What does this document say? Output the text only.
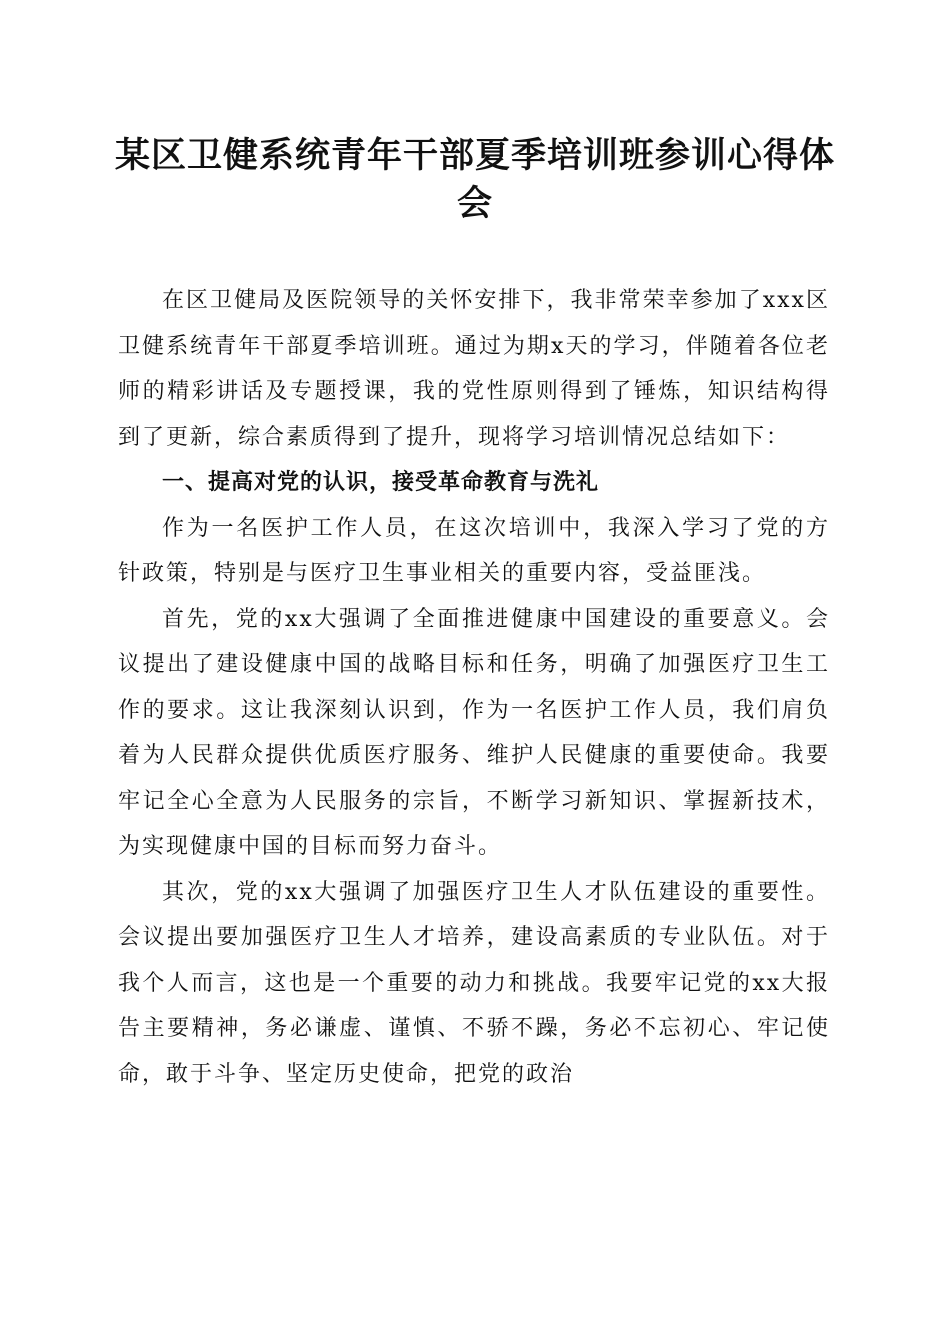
某区卫健系统青年干部夏季培训班参训心得体会

在区卫健局及医院领导的关怀安排下，我非常荣幸参加了xxx区卫健系统青年干部夏季培训班。通过为期x天的学习，伴随着各位老师的精彩讲话及专题授课，我的党性原则得到了锤炼，知识结构得到了更新，综合素质得到了提升，现将学习培训情况总结如下：

一、提高对党的认识，接受革命教育与洗礼

作为一名医护工作人员，在这次培训中，我深入学习了党的方针政策，特别是与医疗卫生事业相关的重要内容，受益匪浅。

首先，党的xx大强调了全面推进健康中国建设的重要意义。会议提出了建设健康中国的战略目标和任务，明确了加强医疗卫生工作的要求。这让我深刻认识到，作为一名医护工作人员，我们肩负着为人民群众提供优质医疗服务、维护人民健康的重要使命。我要牢记全心全意为人民服务的宗旨，不断学习新知识、掌握新技术，为实现健康中国的目标而努力奋斗。

其次，党的xx大强调了加强医疗卫生人才队伍建设的重要性。会议提出要加强医疗卫生人才培养，建设高素质的专业队伍。对于我个人而言，这也是一个重要的动力和挑战。我要牢记党的xx大报告主要精神，务必谦虚、谨慎、不骄不躁，务必不忘初心、牢记使命，敢于斗争、坚定历史使命，把党的政治
